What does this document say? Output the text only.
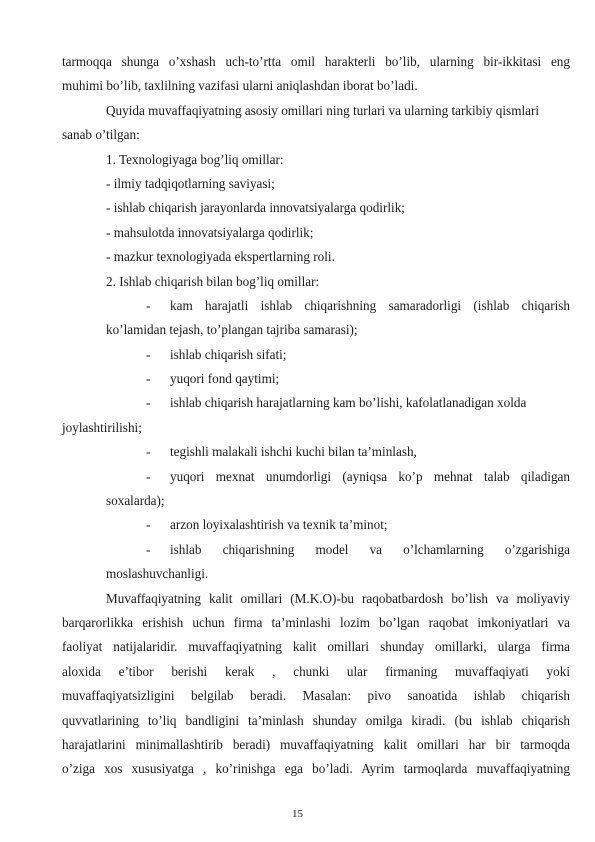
tarmoqqa shunga o’xshash uch-to’rtta omil harakterli bo’lib, ularning bir-ikkitasi eng
muhimi bo’lib, taxlilning vazifasi ularni aniqlashdan iborat bo’ladi.
Quyida muvaffaqiyatning asosiy omillari ning turlari va ularning tarkibiy qismlari
sanab o’tilgan:
1. Texnologiyaga bog’liq omillar:
- ilmiy tadqiqotlarning saviyasi;
- ishlab chiqarish jarayonlarda innovatsiyalarga qodirlik;
- mahsulotda innovatsiyalarga qodirlik;
- mazkur texnologiyada ekspertlarning roli.
2. Ishlab chiqarish bilan bog’liq omillar:
- kam harajatli ishlab chiqarishning samaradorligi (ishlab chiqarish
ko’lamidan tejash, to’plangan tajriba samarasi);
- ishlab chiqarish sifati;
- yuqori fond qaytimi;
- ishlab chiqarish harajatlarning kam bo’lishi, kafolatlanadigan xolda
joylashtirilishi;
- tegishli malakali ishchi kuchi bilan ta’minlash,
- yuqori mexnat unumdorligi (ayniqsa ko’p mehnat talab qiladigan
soxalarda);
- arzon loyixalashtirish va texnik ta’minot;
- ishlab chiqarishning model va o’lchamlarning o’zgarishiga
moslashuvchanligi.
Muvaffaqiyatning kalit omillari (M.K.O)-bu raqobatbardosh bo’lish va moliyaviy
barqarorlikka erishish uchun firma ta’minlashi lozim bo’lgan raqobat imkoniyatlari va
faoliyat natijalaridir. muvaffaqiyatning kalit omillari shunday omillarki, ularga firma
aloxida e’tibor berishi kerak , chunki ular firmaning muvaffaqiyati yoki
muvaffaqiyatsizligini belgilab beradi. Masalan: pivo sanoatida ishlab chiqarish
quvvatlarining to’liq bandligini ta’minlash shunday omilga kiradi. (bu ishlab chiqarish
harajatlarini minimallashtirib beradi) muvaffaqiyatning kalit omillari har bir tarmoqda
o’ziga xos xususiyatga , ko’rinishga ega bo’ladi. Ayrim tarmoqlarda muvaffaqiyatning
15
